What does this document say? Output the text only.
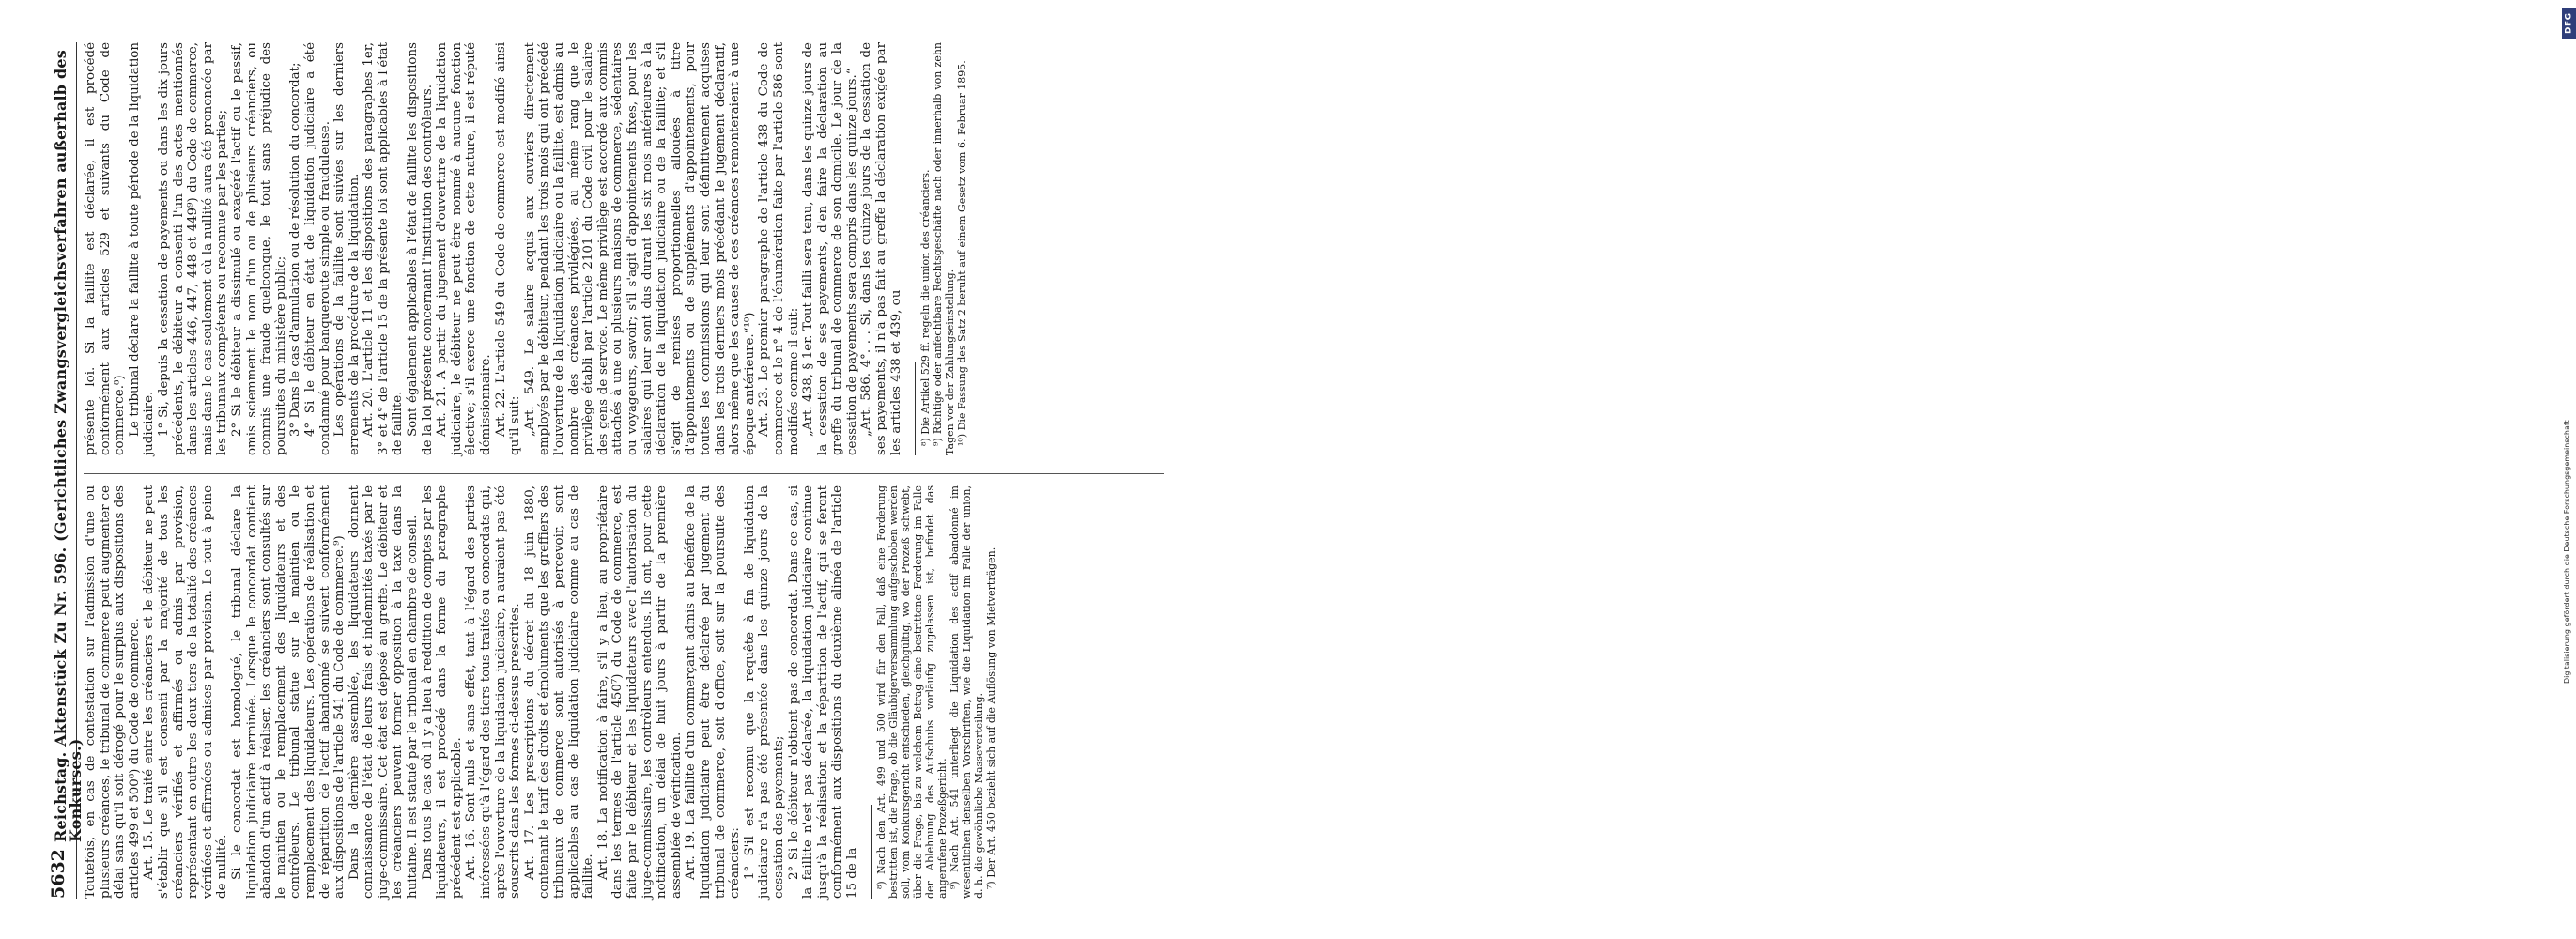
DFG
Digitalisierung gefördert durch die Deutsche Forschungsgemeinschaft
5632
Reichstag. Aktenstück Zu Nr. 596. (Gerichtliches Zwangsvergleichsverfahren außerhalb des Konkurses.) Toutefois, en cas de contestation sur l'admission d'une ou plusieurs créances, le tribunal de commerce peut augmenter ce délai sans qu'il soit dérogé pour le surplus aux dispositions des articles 499 et 500⁸) du Code de commerce. Art. 15. Le traité entre les créanciers et le débiteur ne peut s'établir que s'il est consenti par la majorité de tous les créanciers vérifiés et affirmés ou admis par provision, représentant en outre les deux tiers de la totalité des créances vérifiées et affirmées ou admises par provision. Le tout à peine de nullité. Si le concordat est homologué, le tribunal déclare la liquidation judiciaire terminée. Lorsque le concordat contient abandon d'un actif à réaliser, les créanciers sont consultés sur le maintien ou le remplacement des liquidateurs et des contrôleurs. Le tribunal statue sur le maintien ou le remplacement des liquidateurs. Les opérations de réalisation et de répartition de l'actif abandonné se suivent conformément aux dispositions de l'article 541 du Code de commerce.⁹) Dans la dernière assemblée, les liquidateurs donnent connaissance de l'état de leurs frais et indemnités taxés par le juge-commissaire. Cet état est déposé au greffe. Le débiteur et les créanciers peuvent former opposition à la taxe dans la huitaine. Il est statué par le tribunal en chambre de conseil. Dans tous le cas où il y a lieu à reddition de comptes par les liquidateurs, il est procédé dans la forme du paragraphe précédent est applicable. Art. 16. Sont nuls et sans effet, tant à l'égard des parties intéressées qu'à l'égard des tiers tous traités ou concordats qui, après l'ouverture de la liquidation judiciaire, n'auraient pas été souscrits dans les formes ci-dessus prescrites. Art. 17. Les prescriptions du décret du 18 juin 1880, contenant le tarif des droits et émoluments que les greffiers des tribunaux de commerce sont autorisés à percevoir, sont applicables au cas de liquidation judiciaire comme au cas de faillite. Art. 18. La notification à faire, s'il y a lieu, au propriétaire dans les termes de l'article 450⁷) du Code de commerce, est faite par le débiteur et les liquidateurs avec l'autorisation du juge-commissaire, les contrôleurs entendus. Ils ont, pour cette notification, un délai de huit jours à partir de la première assemblée de vérification. Art. 19. La faillite d'un commerçant admis au bénéfice de la liquidation judiciaire peut être déclarée par jugement du tribunal de commerce, soit d'office, soit sur la poursuite des créanciers: 1° S'il est reconnu que la requête à fin de liquidation judiciaire n'a pas été présentée dans les quinze jours de la cessation des payements; 2° Si le débiteur n'obtient pas de concordat. Dans ce cas, si la faillite n'est pas déclarée, la liquidation judiciaire continue jusqu'à la réalisation et la répartition de l'actif, qui se feront conformément aux dispositions du deuxième alinéa de l'article 15 de la ⁸) Nach den Art. 499 und 500 wird für den Fall, daß eine Forderung bestritten ist, die Frage, ob die Gläubigerversammlung aufgeschoben werden soll, vom Konkursgericht entschieden, gleichgültig, wo der Prozeß schwebt, über die Frage, bis zu welchem Betrag eine bestrittene Forderung im Falle der Ablehnung des Aufschubs vorläufig zugelassen ist, befindet das angerufene Prozeßgericht. ⁹) Nach Art. 541 unterliegt die Liquidation des actif abandonné im wesentlichen denselben Vorschriften, wie die Liquidation im Falle der union, d. h. die gewöhnliche Masseverteilung. ⁷) Der Art. 450 bezieht sich auf die Auflösung von Mietverträgen.

présente loi. Si la faillite est déclarée, il est procédé conformément aux articles 529 et suivants du Code de commerce.⁸) Le tribunal déclare la faillite à toute période de la liquidation judiciaire. 1° Si, depuis la cessation de payements ou dans les dix jours précédents, le débiteur a consenti l'un des actes mentionnés dans les articles 446, 447, 448 et 449⁹) du Code de commerce, mais dans le cas seulement où la nullité aura été prononcée par les tribunaux compétents ou reconnue par les parties; 2° Si le débiteur a dissimulé ou exagéré l'actif ou le passif, omis sciemment le nom d'un ou de plusieurs créanciers, ou commis une fraude quelconque, le tout sans préjudice des poursuites du ministère public; 3° Dans le cas d'annulation ou de résolution du concordat; 4° Si le débiteur en état de liquidation judiciaire a été condamné pour banqueroute simple ou frauduleuse. Les opérations de la faillite sont suivies sur les derniers errements de la procédure de la liquidation. Art. 20. L'article 11 et les dispositions des paragraphes 1er, 3° et 4° de l'article 15 de la présente loi sont applicables à l'état de faillite. Sont également applicables à l'état de faillite les dispositions de la loi présente concernant l'institution des contrôleurs. Art. 21. A partir du jugement d'ouverture de la liquidation judiciaire, le débiteur ne peut être nommé à aucune fonction élective; s'il exerce une fonction de cette nature, il est réputé démissionnaire. Art. 22. L'article 549 du Code de commerce est modifié ainsi qu'il suit: „Art. 549. Le salaire acquis aux ouvriers directement employés par le débiteur, pendant les trois mois qui ont précédé l'ouverture de la liquidation judiciaire ou la faillite, est admis au nombre des créances privilégiées, au même rang que le privilège établi par l'article 2101 du Code civil pour le salaire des gens de service. Le même privilège est accordé aux commis attachés à une ou plusieurs maisons de commerce, sédentaires ou voyageurs, savoir; s'il s'agit d'appointements fixes, pour les salaires qui leur sont dus durant les six mois antérieures à la déclaration de la liquidation judiciaire ou de la faillite; et s'il s'agit de remises proportionnelles allouées à titre d'appointements ou de suppléments d'appointements, pour toutes les commissions qui leur sont définitivement acquises dans les trois derniers mois précédant le jugement déclaratif, alors même que les causes de ces créances remonteraient à une époque antérieure.“¹⁰) Art. 23. Le premier paragraphe de l'article 438 du Code de commerce et le n° 4 de l'énumération faite par l'article 586 sont modifiés comme il suit: „Art. 438, § 1er. Tout failli sera tenu, dans les quinze jours de la cessation de ses payements, d'en faire la déclaration au greffe du tribunal de commerce de son domicile. Le jour de la cessation de payements sera compris dans les quinze jours.“ „Art. 586. 4°. . . Si, dans les quinze jours de la cessation de ses payements, il n'a pas fait au greffe la déclaration exigée par les articles 438 et 439, ou ⁸) Die Artikel 529 ff. regeln die union des créanciers. ⁹) Richtige oder anfechtbare Rechtsgeschäfte nach oder innerhalb von zehn Tagen vor der Zahlungseinstellung. ¹⁰) Die Fassung des Satz 2 beruht auf einem Gesetz vom 6. Februar 1895.
